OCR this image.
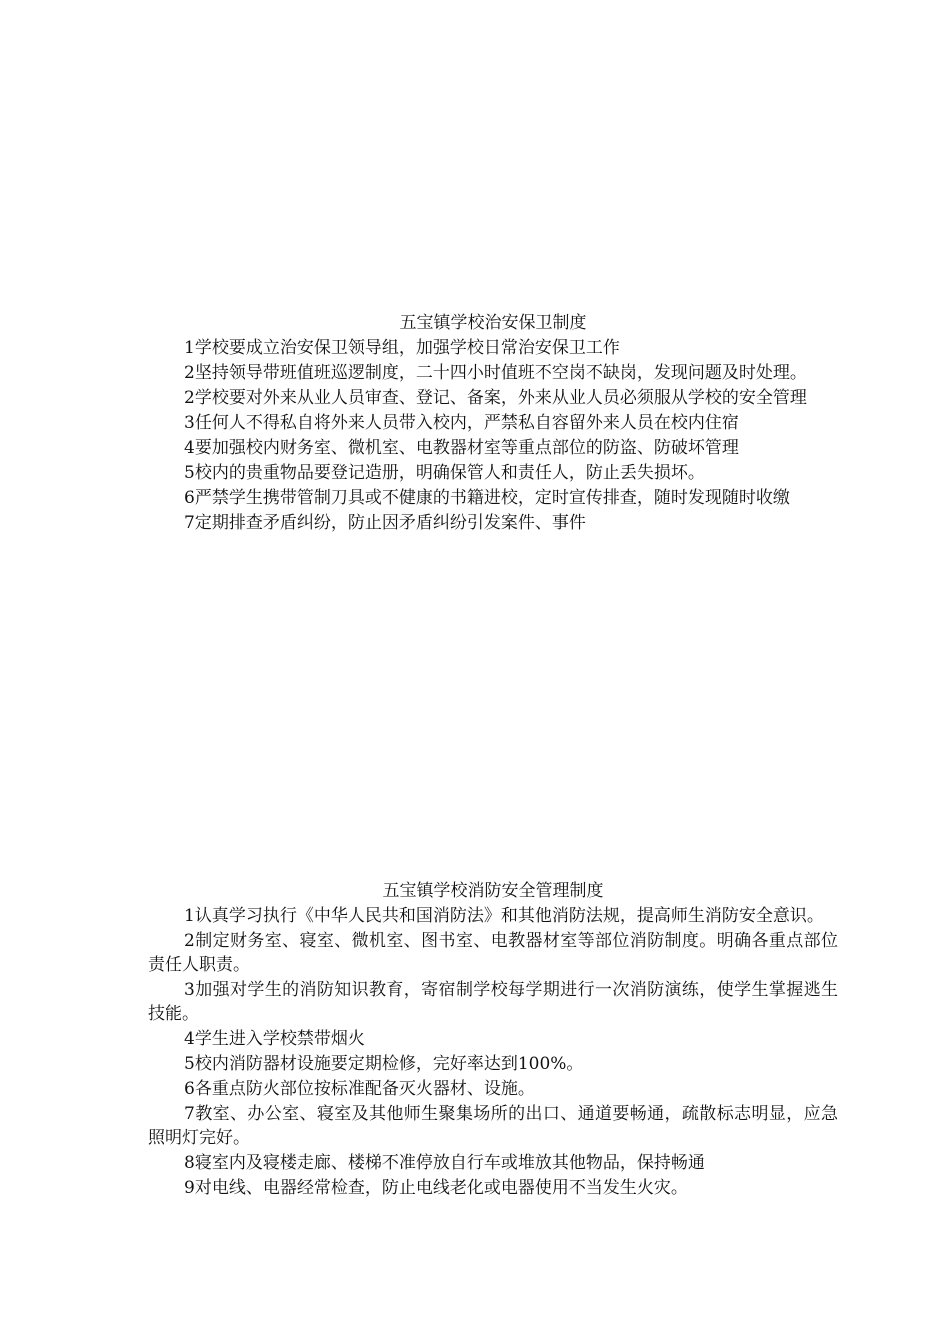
五宝镇学校治安保卫制度

1学校要成立治安保卫领导组，加强学校日常治安保卫工作

2坚持领导带班值班巡逻制度，二十四小时值班不空岗不缺岗，发现问题及时处理。

2学校要对外来从业人员审查、登记、备案，外来从业人员必须服从学校的安全管理

3任何人不得私自将外来人员带入校内，严禁私自容留外来人员在校内住宿

4要加强校内财务室、微机室、电教器材室等重点部位的防盗、防破坏管理

5校内的贵重物品要登记造册，明确保管人和责任人，防止丢失损坏。

6严禁学生携带管制刀具或不健康的书籍进校，定时宣传排查，随时发现随时收缴

7定期排查矛盾纠纷，防止因矛盾纠纷引发案件、事件

五宝镇学校消防安全管理制度

1认真学习执行《中华人民共和国消防法》和其他消防法规，提高师生消防安全意识。

2制定财务室、寝室、微机室、图书室、电教器材室等部位消防制度。明确各重点部位责任人职责。

3加强对学生的消防知识教育，寄宿制学校每学期进行一次消防演练，使学生掌握逃生技能。

4学生进入学校禁带烟火

5校内消防器材设施要定期检修，完好率达到100%。

6各重点防火部位按标准配备灭火器材、设施。

7教室、办公室、寝室及其他师生聚集场所的出口、通道要畅通，疏散标志明显，应急照明灯完好。

8寝室内及寝楼走廊、楼梯不准停放自行车或堆放其他物品，保持畅通

9对电线、电器经常检查，防止电线老化或电器使用不当发生火灾。
